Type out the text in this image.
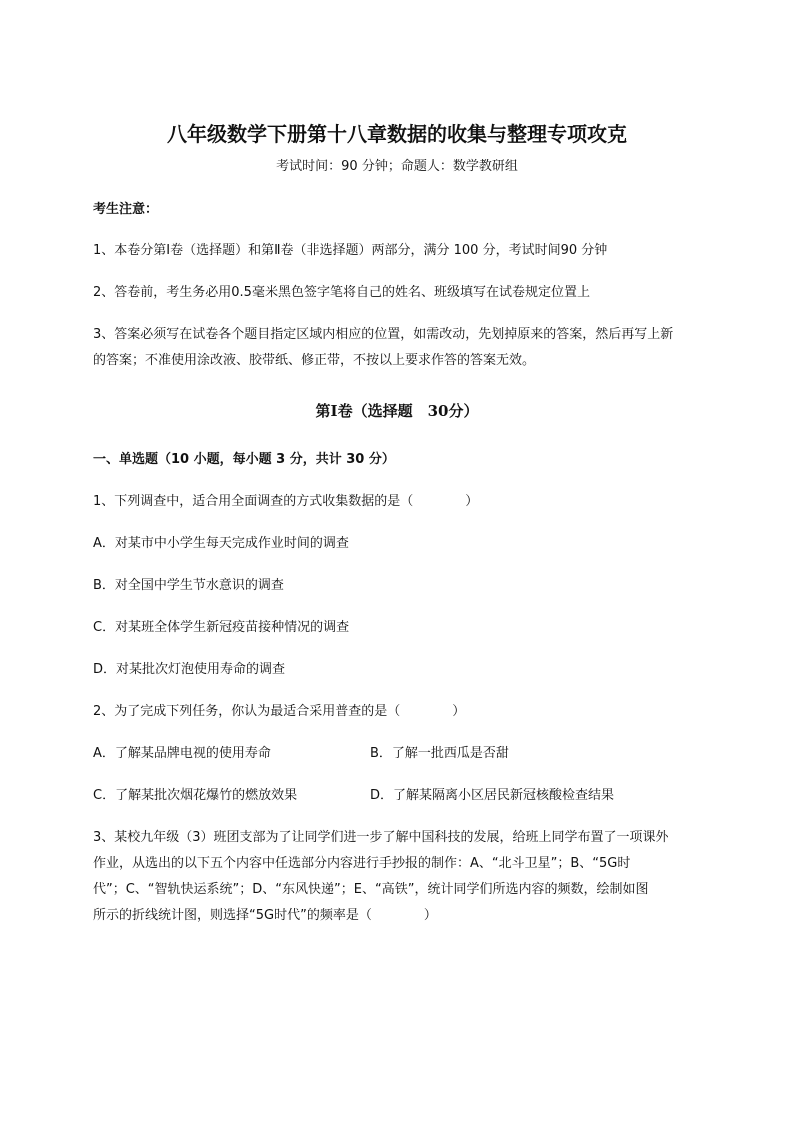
八年级数学下册第十八章数据的收集与整理专项攻克
考试时间：90 分钟；命题人：数学教研组
考生注意：
1、本卷分第Ⅰ卷（选择题）和第Ⅱ卷（非选择题）两部分，满分 100 分，考试时间90 分钟
2、答卷前，考生务必用0.5毫米黑色签字笔将自己的姓名、班级填写在试卷规定位置上
3、答案必须写在试卷各个题目指定区域内相应的位置，如需改动，先划掉原来的答案，然后再写上新
的答案；不准使用涂改液、胶带纸、修正带，不按以上要求作答的答案无效。
第Ⅰ卷（选择题　30分）
一、单选题（10 小题，每小题 3 分，共计 30 分）
1、下列调查中，适合用全面调查的方式收集数据的是（　　　　）
A．对某市中小学生每天完成作业时间的调查
B．对全国中学生节水意识的调查
C．对某班全体学生新冠疫苗接种情况的调查
D．对某批次灯泡使用寿命的调查
2、为了完成下列任务，你认为最适合采用普查的是（　　　　）
A．了解某品牌电视的使用寿命	B．了解一批西瓜是否甜
C．了解某批次烟花爆竹的燃放效果	D．了解某隔离小区居民新冠核酸检查结果
3、某校九年级（3）班团支部为了让同学们进一步了解中国科技的发展，给班上同学布置了一项课外
作业，从选出的以下五个内容中任选部分内容进行手抄报的制作：A、“北斗卫星”；B、“5G时
代”；C、“智轨快运系统”；D、“东风快递”；E、“高铁”，统计同学们所选内容的频数，绘制如图
所示的折线统计图，则选择“5G时代”的频率是（　　　　）
